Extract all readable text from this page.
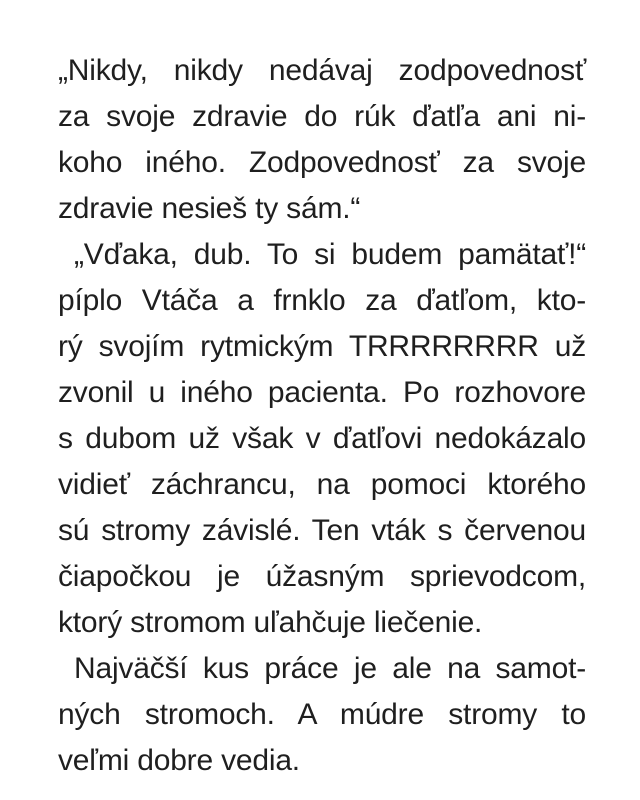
„Nikdy, nikdy nedávaj zodpovednosť
za svoje zdravie do rúk ďatľa ani ni-
koho iného. Zodpovednosť za svoje
zdravie nesieš ty sám.“
„Vďaka, dub. To si budem pamätať!“
píplo Vtáča a frnklo za ďatľom, kto-
rý svojím rytmickým TRRRRRRRR už
zvonil u iného pacienta. Po rozhovore
s dubom už však v ďatľovi nedokázalo
vidieť záchrancu, na pomoci ktorého
sú stromy závislé. Ten vták s červenou
čiapočkou je úžasným sprievodcom,
ktorý stromom uľahčuje liečenie.
Najväčší kus práce je ale na samot-
ných stromoch. A múdre stromy to
veľmi dobre vedia.
